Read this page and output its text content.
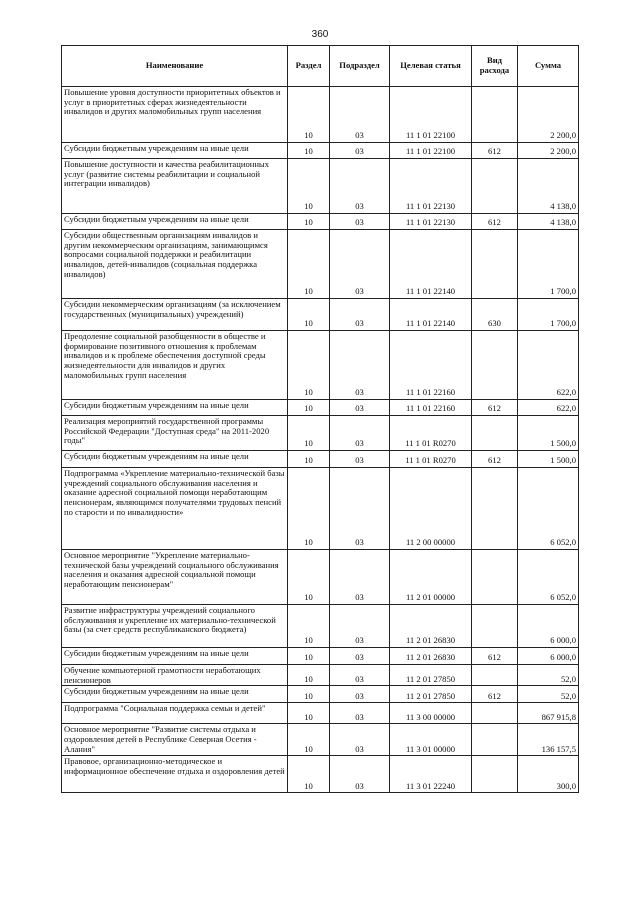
360
Наименование	Раздел	Подраздел	Целевая статья	Вид расхода	Сумма
Повышение уровня доступности приоритетных объектов и услуг в приоритетных сферах жизнедеятельности инвалидов и других маломобильных групп населения	10	03	11 1 01 22100		2 200,0
Субсидии бюджетным учреждениям на иные цели	10	03	11 1 01 22100	612	2 200,0
Повышение доступности и качества реабилитационных услуг (развитие системы реабилитации и социальной интеграции инвалидов)	10	03	11 1 01 22130		4 138,0
Субсидии бюджетным учреждениям на иные цели	10	03	11 1 01 22130	612	4 138,0
Субсидии общественным организациям инвалидов и другим некоммерческим организациям, занимающимся вопросами социальной поддержки и реабилитации инвалидов, детей-инвалидов (социальная поддержка инвалидов)	10	03	11 1 01 22140		1 700,0
Субсидии некоммерческим организациям (за исключением государственных (муниципальных) учреждений)	10	03	11 1 01 22140	630	1 700,0
Преодоление социальной разобщенности в обществе и формирование позитивного отношения к проблемам инвалидов и к проблеме обеспечения доступной среды жизнедеятельности для инвалидов и других маломобильных групп населения	10	03	11 1 01 22160		622,0
Субсидии бюджетным учреждениям на иные цели	10	03	11 1 01 22160	612	622,0
Реализация мероприятий государственной программы Российской Федерации "Доступная среда" на 2011-2020 годы"	10	03	11 1 01 R0270		1 500,0
Субсидии бюджетным учреждениям на иные цели	10	03	11 1 01 R0270	612	1 500,0
Подпрограмма «Укрепление материально-технической базы учреждений социального обслуживания населения и оказание адресной социальной помощи неработающим пенсионерам, являющимся получателями трудовых пенсий по старости и по инвалидности»	10	03	11 2 00 00000		6 052,0
Основное мероприятие "Укрепление материально-технической базы учреждений социального обслуживания населения и оказания адресной социальной помощи неработающим пенсионерам"	10	03	11 2 01 00000		6 052,0
Развитие инфраструктуры учреждений социального обслуживания и укрепление их материально-технической базы (за счет средств республиканского бюджета)	10	03	11 2 01 26830		6 000,0
Субсидии бюджетным учреждениям на иные цели	10	03	11 2 01 26830	612	6 000,0
Обучение компьютерной грамотности неработающих пенсионеров	10	03	11 2 01 27850		52,0
Субсидии бюджетным учреждениям на иные цели	10	03	11 2 01 27850	612	52,0
Подпрограмма "Социальная поддержка семьи и детей"	10	03	11 3 00 00000		867 915,8
Основное мероприятие "Развитие системы отдыха и оздоровления детей в Республике Северная Осетия - Алания"	10	03	11 3 01 00000		136 157,5
Правовое, организационно-методическое и информационное обеспечение отдыха и оздоровления детей	10	03	11 3 01 22240		300,0
